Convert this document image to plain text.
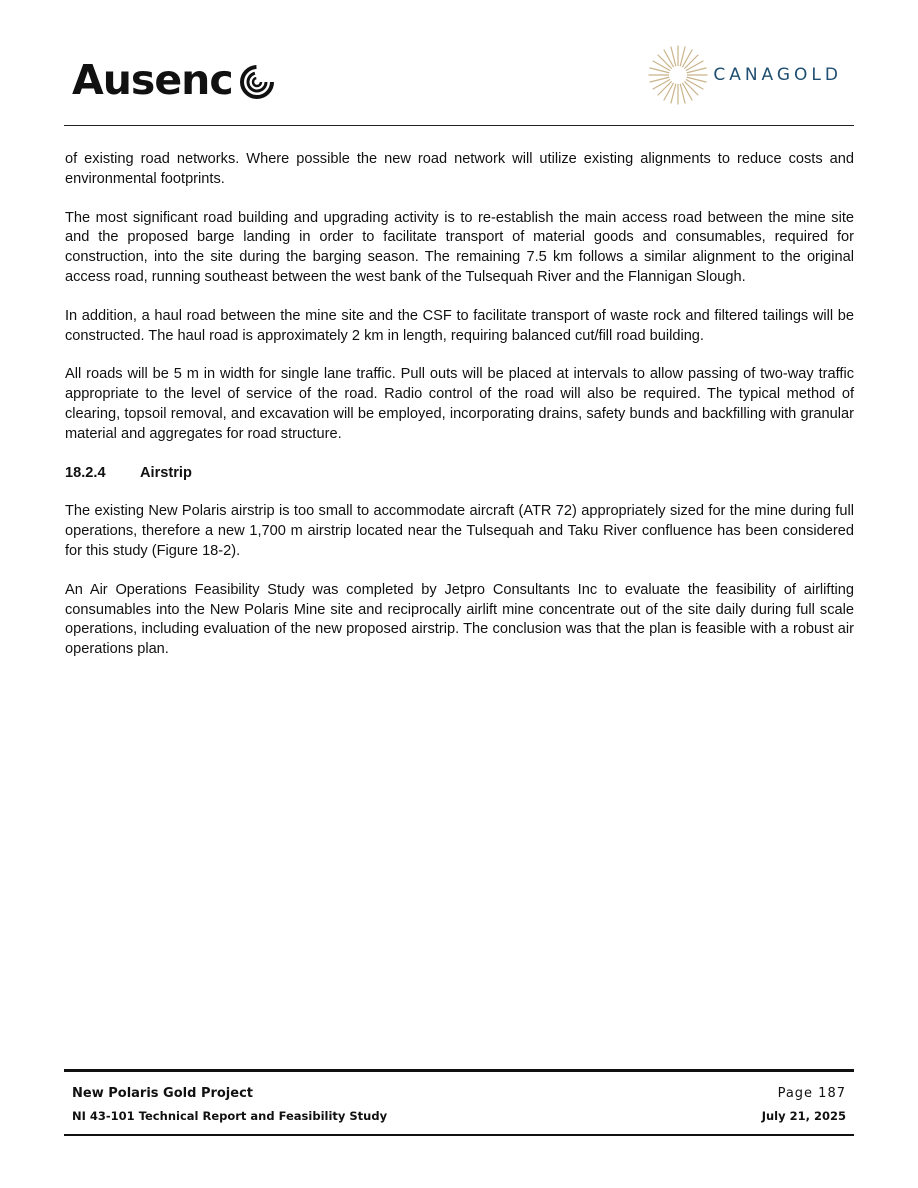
Ausenc	CANAGOLD

of existing road networks. Where possible the new road network will utilize existing alignments to reduce costs and environmental footprints.

The most significant road building and upgrading activity is to re-establish the main access road between the mine site and the proposed barge landing in order to facilitate transport of material goods and consumables, required for construction, into the site during the barging season. The remaining 7.5 km follows a similar alignment to the original access road, running southeast between the west bank of the Tulsequah River and the Flannigan Slough.

In addition, a haul road between the mine site and the CSF to facilitate transport of waste rock and filtered tailings will be constructed. The haul road is approximately 2 km in length, requiring balanced cut/fill road building.

All roads will be 5 m in width for single lane traffic. Pull outs will be placed at intervals to allow passing of two-way traffic appropriate to the level of service of the road. Radio control of the road will also be required. The typical method of clearing, topsoil removal, and excavation will be employed, incorporating drains, safety bunds and backfilling with granular material and aggregates for road structure.

18.2.4	Airstrip

The existing New Polaris airstrip is too small to accommodate aircraft (ATR 72) appropriately sized for the mine during full operations, therefore a new 1,700 m airstrip located near the Tulsequah and Taku River confluence has been considered for this study (Figure 18-2).

An Air Operations Feasibility Study was completed by Jetpro Consultants Inc to evaluate the feasibility of airlifting consumables into the New Polaris Mine site and reciprocally airlift mine concentrate out of the site daily during full scale operations, including evaluation of the new proposed airstrip. The conclusion was that the plan is feasible with a robust air operations plan.

New Polaris Gold Project
NI 43-101 Technical Report and Feasibility Study
Page 187
July 21, 2025
